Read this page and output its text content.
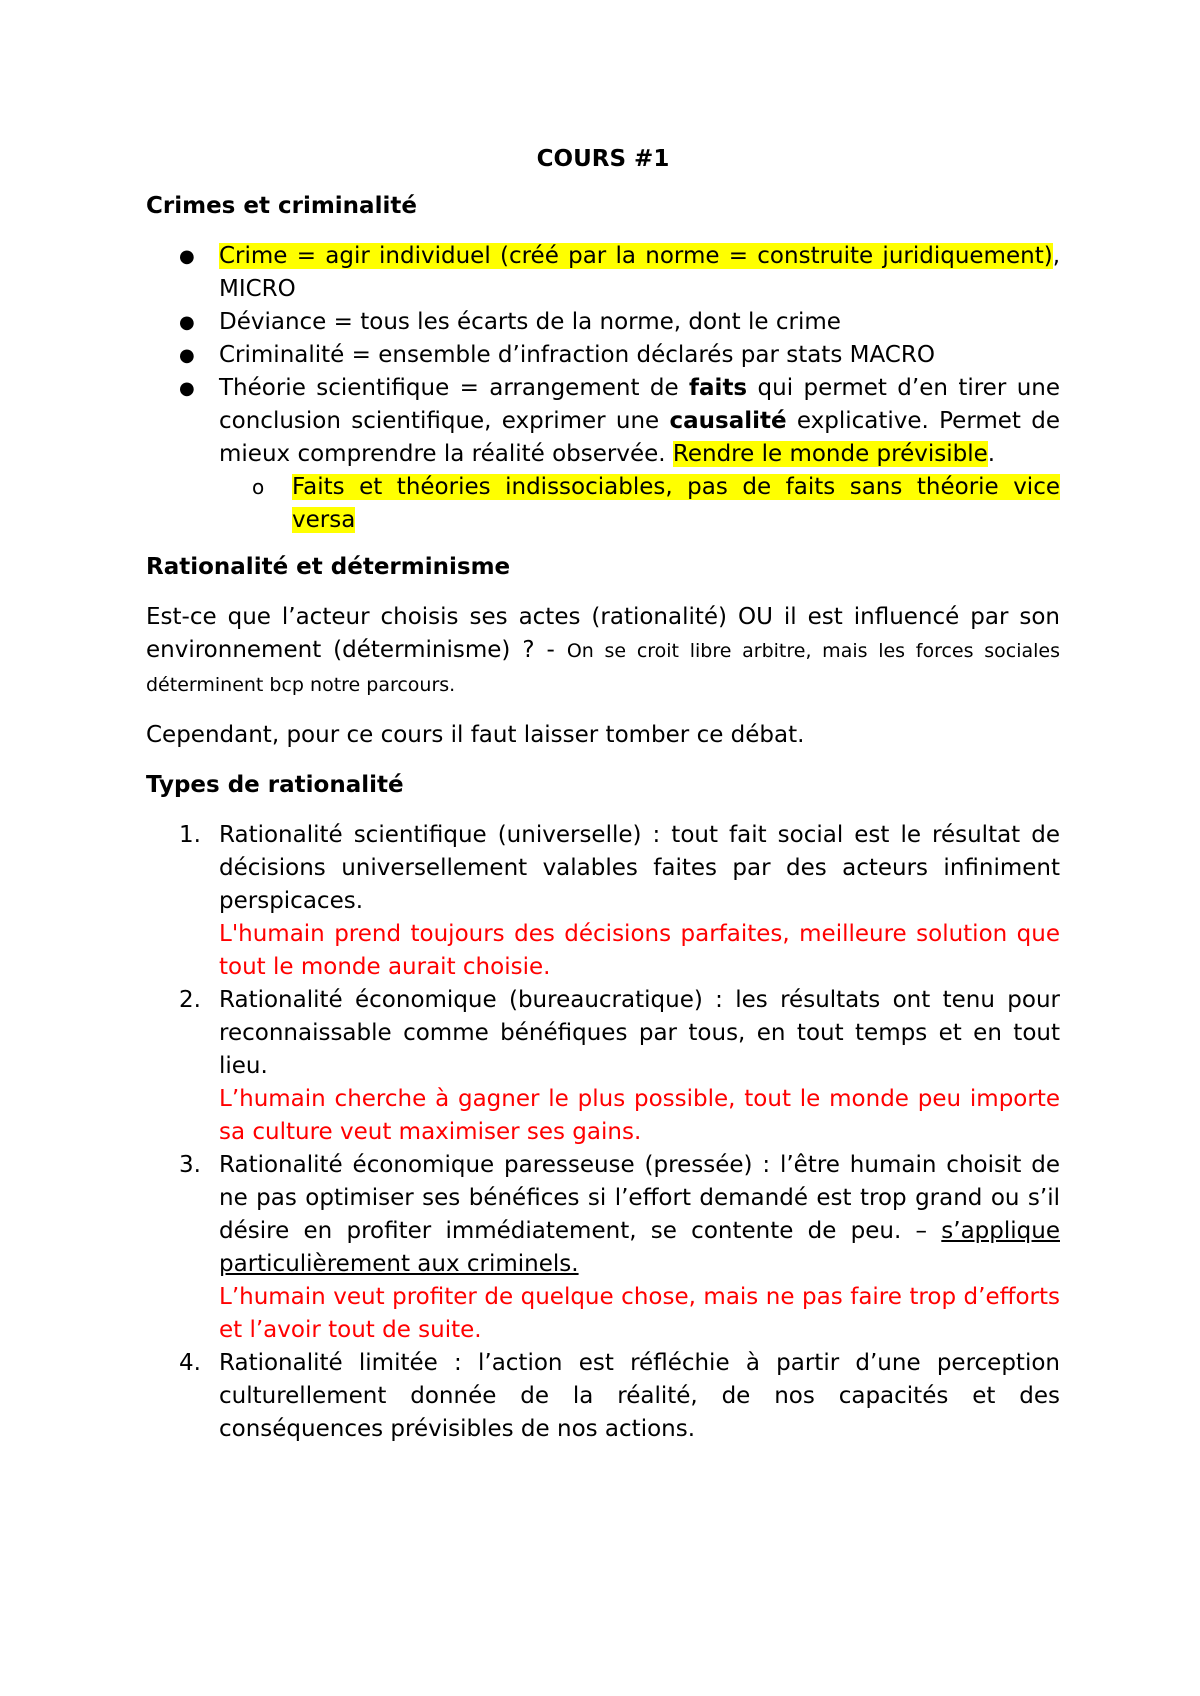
COURS #1

Crimes et criminalité

● Crime = agir individuel (créé par la norme = construite juridiquement), MICRO
● Déviance = tous les écarts de la norme, dont le crime
● Criminalité = ensemble d’infraction déclarés par stats MACRO
● Théorie scientifique = arrangement de faits qui permet d’en tirer une conclusion scientifique, exprimer une causalité explicative. Permet de mieux comprendre la réalité observée. Rendre le monde prévisible.
o Faits et théories indissociables, pas de faits sans théorie vice versa

Rationalité et déterminisme

Est-ce que l’acteur choisis ses actes (rationalité) OU il est influencé par son environnement (déterminisme) ? - On se croit libre arbitre, mais les forces sociales déterminent bcp notre parcours.

Cependant, pour ce cours il faut laisser tomber ce débat.

Types de rationalité

1. Rationalité scientifique (universelle) : tout fait social est le résultat de décisions universellement valables faites par des acteurs infiniment perspicaces.
L'humain prend toujours des décisions parfaites, meilleure solution que tout le monde aurait choisie.
2. Rationalité économique (bureaucratique) : les résultats ont tenu pour reconnaissable comme bénéfiques par tous, en tout temps et en tout lieu.
L’humain cherche à gagner le plus possible, tout le monde peu importe sa culture veut maximiser ses gains.
3. Rationalité économique paresseuse (pressée) : l’être humain choisit de ne pas optimiser ses bénéfices si l’effort demandé est trop grand ou s’il désire en profiter immédiatement, se contente de peu. – s’applique particulièrement aux criminels.
L’humain veut profiter de quelque chose, mais ne pas faire trop d’efforts et l’avoir tout de suite.
4. Rationalité limitée : l’action est réfléchie à partir d’une perception culturellement donnée de la réalité, de nos capacités et des conséquences prévisibles de nos actions.
